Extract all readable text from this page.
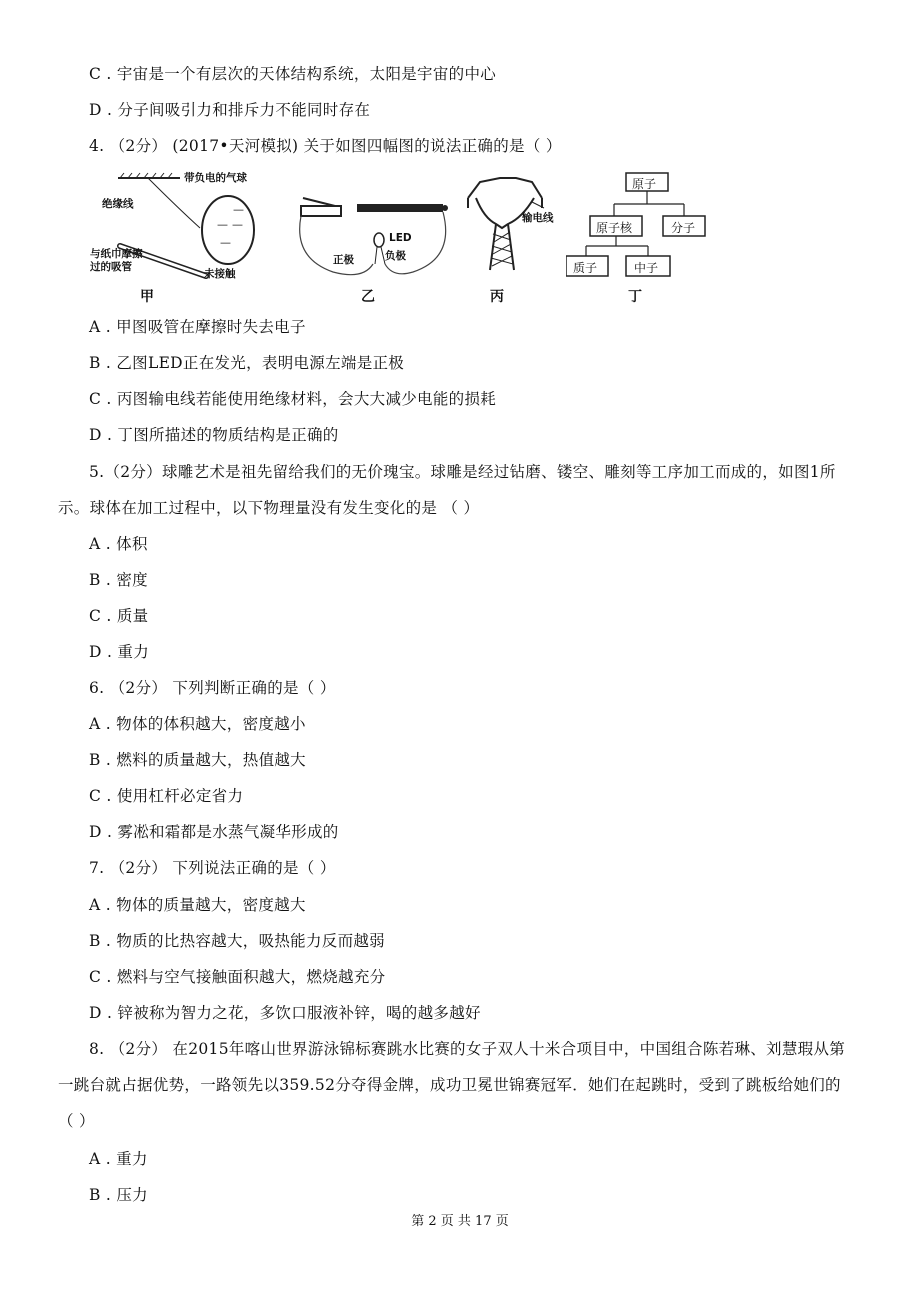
C . 宇宙是一个有层次的天体结构系统，太阳是宇宙的中心
D . 分子间吸引力和排斥力不能同时存在
4. （2分） (2017•天河模拟) 关于如图四幅图的说法正确的是（ ）
— —
—
—
带负电的气球
绝缘线
与纸巾摩擦过的吸管
未接触
甲
LED
正极	负极
乙
输电线
丙
原子
原子核	分子
质子	中子
丁
A . 甲图吸管在摩擦时失去电子
B . 乙图LED正在发光，表明电源左端是正极
C . 丙图输电线若能使用绝缘材料，会大大减少电能的损耗
D . 丁图所描述的物质结构是正确的
5.（2分）球雕艺术是祖先留给我们的无价瑰宝。球雕是经过钻磨、镂空、雕刻等工序加工而成的，如图1所
示。球体在加工过程中，以下物理量没有发生变化的是 （ ）
A . 体积
B . 密度
C . 质量
D . 重力
6. （2分） 下列判断正确的是（ ）
A . 物体的体积越大，密度越小
B . 燃料的质量越大，热值越大
C . 使用杠杆必定省力
D . 雾凇和霜都是水蒸气凝华形成的
7. （2分） 下列说法正确的是（ ）
A . 物体的质量越大，密度越大
B . 物质的比热容越大，吸热能力反而越弱
C . 燃料与空气接触面积越大，燃烧越充分
D . 锌被称为智力之花，多饮口服液补锌，喝的越多越好
8. （2分） 在2015年喀山世界游泳锦标赛跳水比赛的女子双人十米合项目中，中国组合陈若琳、刘慧瑕从第
一跳台就占据优势，一路领先以359.52分夺得金牌，成功卫冕世锦赛冠军．她们在起跳时，受到了跳板给她们的
（ ）
A . 重力
B . 压力
第 2 页 共 17 页
